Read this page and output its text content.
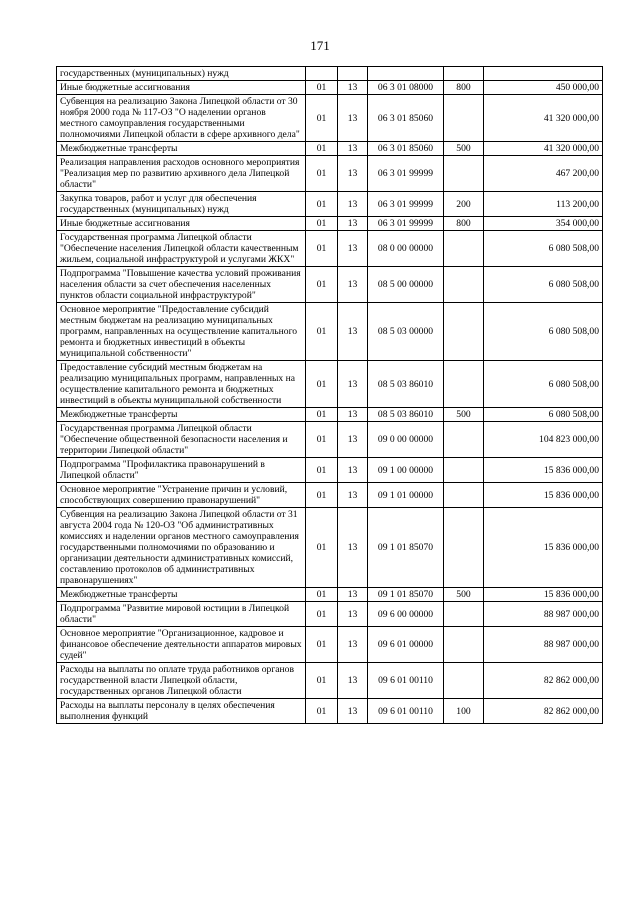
171
государственных (муниципальных) нужд					
Иные бюджетные ассигнования	01	13	06 3 01 08000	800	450 000,00
Субвенция на реализацию Закона Липецкой области от 30 ноября 2000 года № 117-ОЗ "О наделении органов местного самоуправления государственными полномочиями Липецкой области в сфере архивного дела"	01	13	06 3 01 85060		41 320 000,00
Межбюджетные трансферты	01	13	06 3 01 85060	500	41 320 000,00
Реализация направления расходов основного мероприятия "Реализация мер по развитию архивного дела Липецкой области"	01	13	06 3 01 99999		467 200,00
Закупка товаров, работ и услуг для обеспечения государственных (муниципальных) нужд	01	13	06 3 01 99999	200	113 200,00
Иные бюджетные ассигнования	01	13	06 3 01 99999	800	354 000,00
Государственная программа Липецкой области "Обеспечение населения Липецкой области качественным жильем, социальной инфраструктурой и услугами ЖКХ"	01	13	08 0 00 00000		6 080 508,00
Подпрограмма "Повышение качества условий проживания населения области за счет обеспечения населенных пунктов области социальной инфраструктурой"	01	13	08 5 00 00000		6 080 508,00
Основное мероприятие "Предоставление субсидий местным бюджетам на реализацию муниципальных программ, направленных на осуществление капитального ремонта и бюджетных инвестиций в объекты муниципальной собственности"	01	13	08 5 03 00000		6 080 508,00
Предоставление субсидий местным бюджетам на реализацию муниципальных программ, направленных на осуществление капитального ремонта и бюджетных инвестиций в объекты муниципальной собственности	01	13	08 5 03 86010		6 080 508,00
Межбюджетные трансферты	01	13	08 5 03 86010	500	6 080 508,00
Государственная программа Липецкой области "Обеспечение общественной безопасности населения и территории Липецкой области"	01	13	09 0 00 00000		104 823 000,00
Подпрограмма "Профилактика правонарушений в Липецкой области"	01	13	09 1 00 00000		15 836 000,00
Основное мероприятие "Устранение причин и условий, способствующих совершению правонарушений"	01	13	09 1 01 00000		15 836 000,00
Субвенция на реализацию Закона Липецкой области от 31 августа 2004 года № 120-ОЗ "Об административных комиссиях и наделении органов местного самоуправления государственными полномочиями по образованию и организации деятельности административных комиссий, составлению протоколов об административных правонарушениях"	01	13	09 1 01 85070		15 836 000,00
Межбюджетные трансферты	01	13	09 1 01 85070	500	15 836 000,00
Подпрограмма "Развитие мировой юстиции в Липецкой области"	01	13	09 6 00 00000		88 987 000,00
Основное мероприятие "Организационное, кадровое и финансовое обеспечение деятельности аппаратов мировых судей"	01	13	09 6 01 00000		88 987 000,00
Расходы на выплаты по оплате труда работников органов государственной власти Липецкой области, государственных органов Липецкой области	01	13	09 6 01 00110		82 862 000,00
Расходы на выплаты персоналу в целях обеспечения выполнения функций	01	13	09 6 01 00110	100	82 862 000,00
